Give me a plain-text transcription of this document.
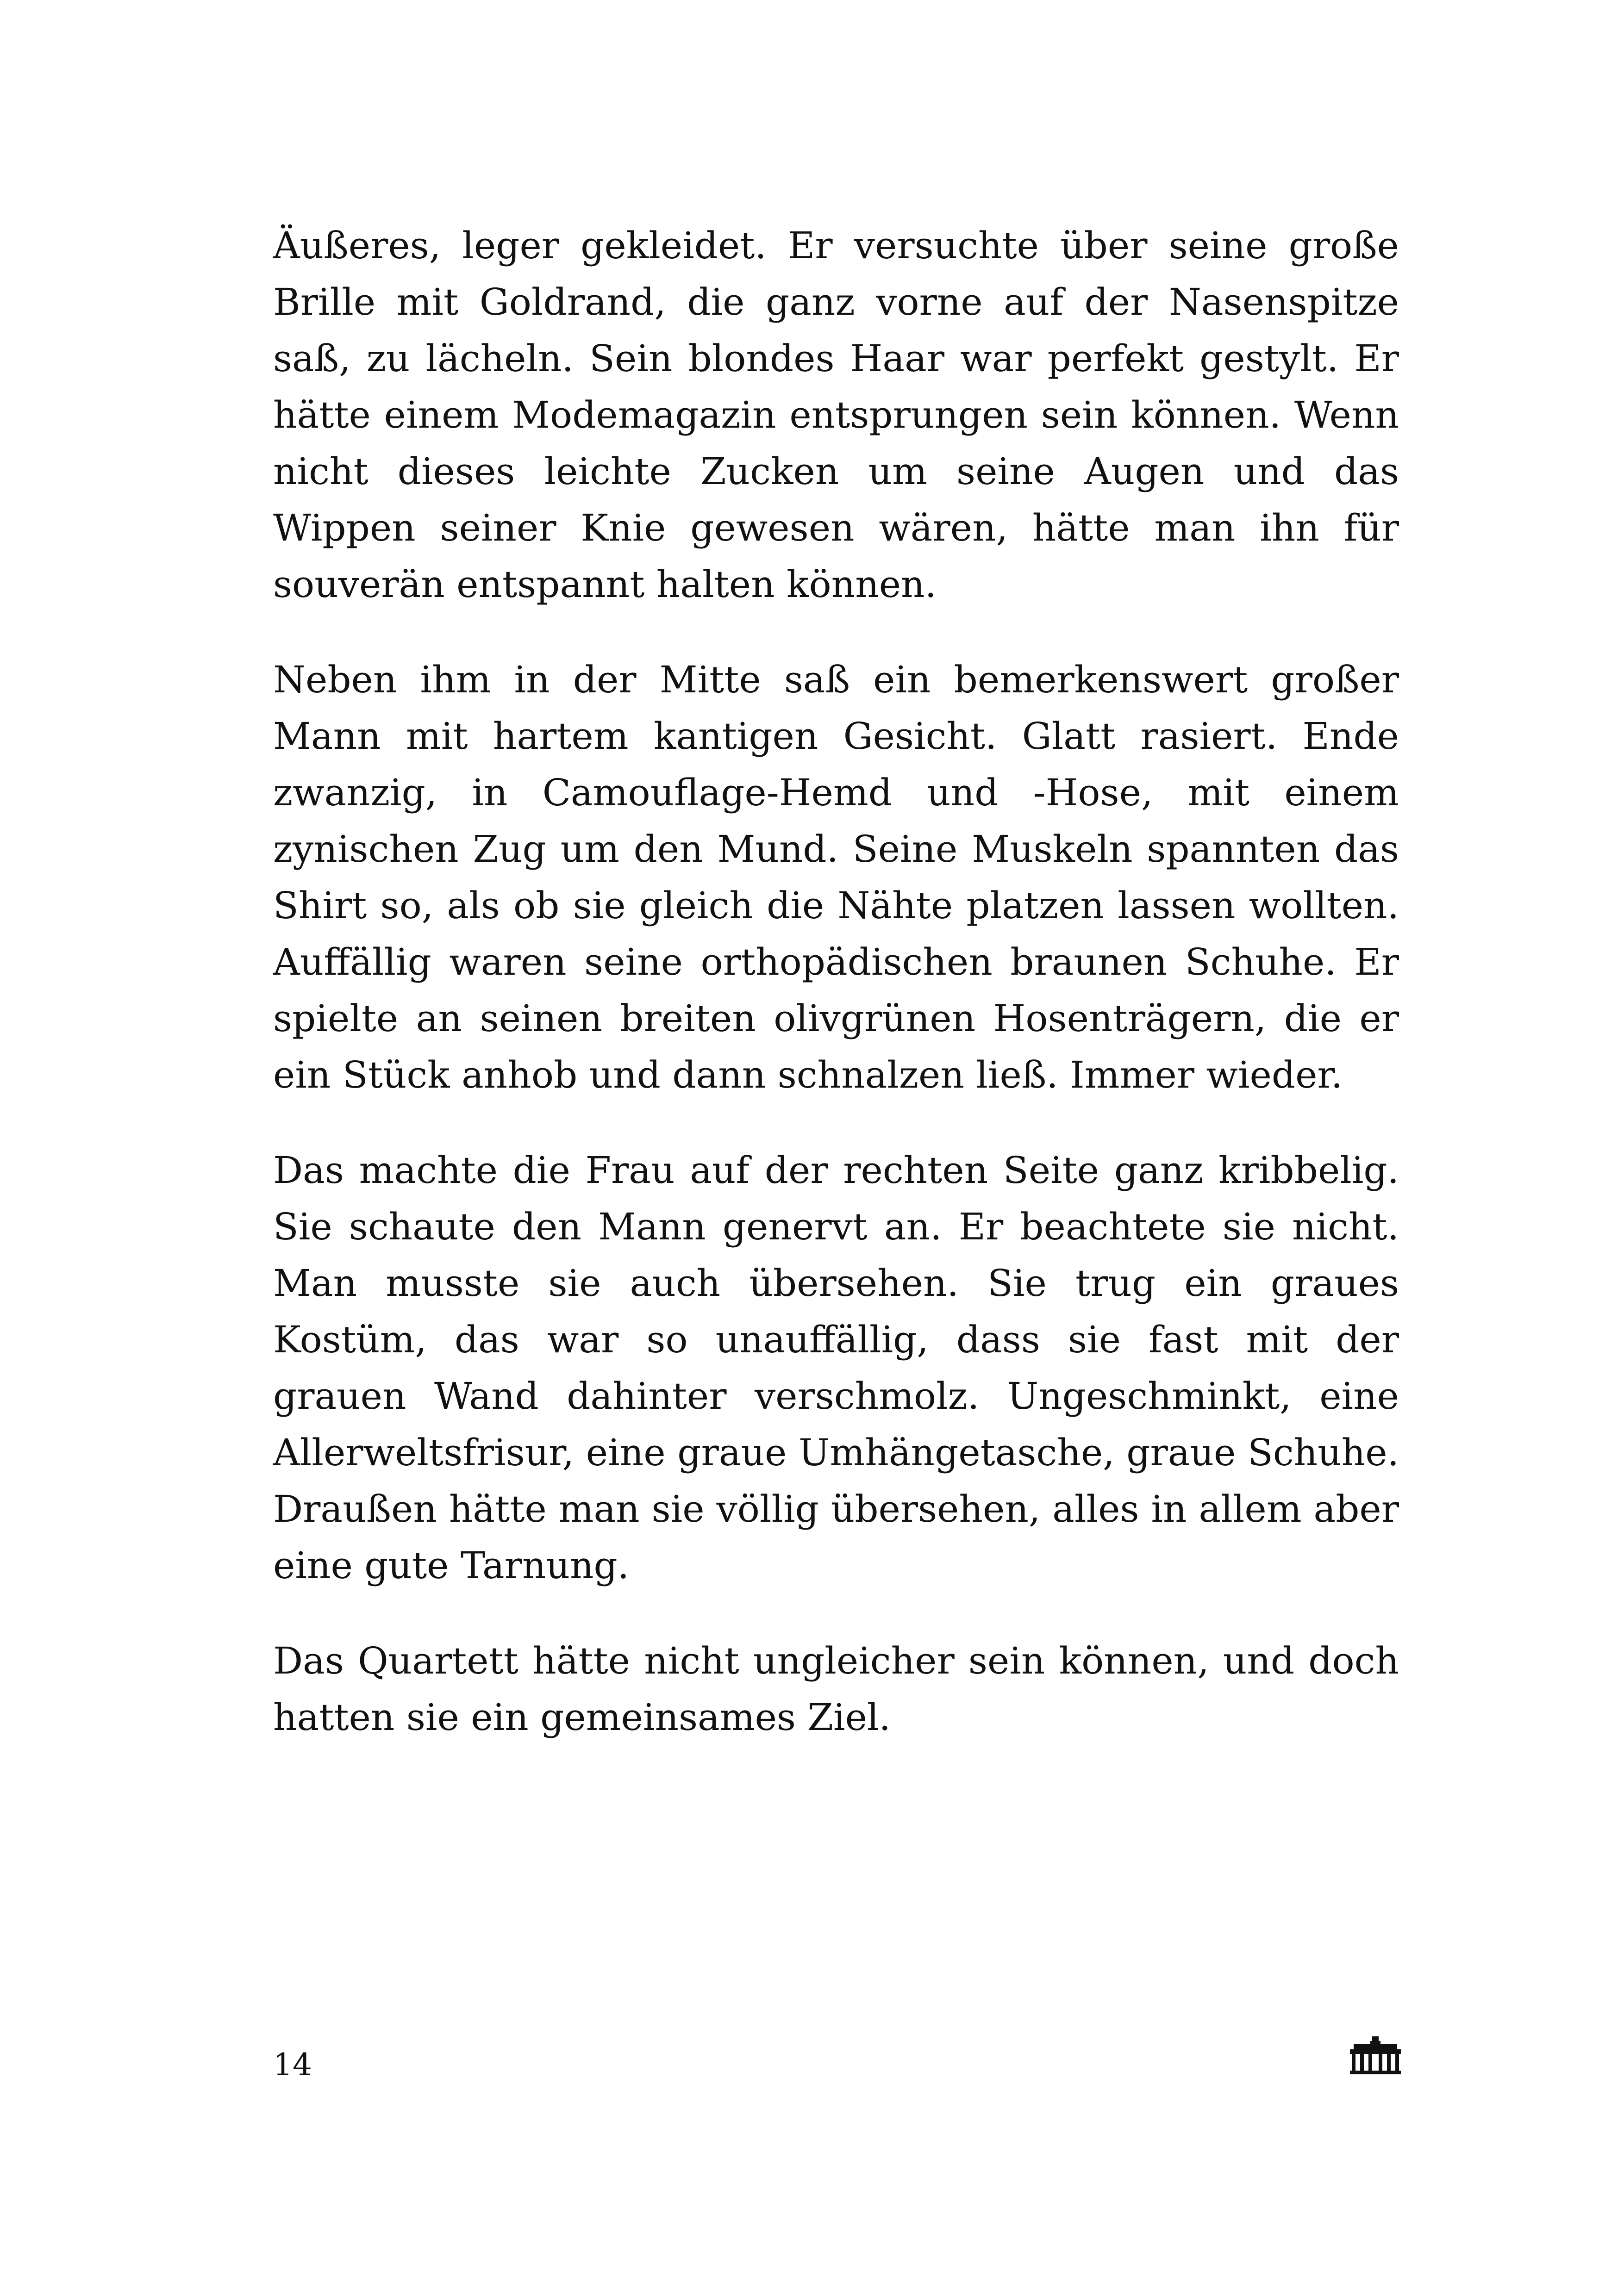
Äußeres, leger gekleidet. Er versuchte über seine große Brille mit Goldrand, die ganz vorne auf der Nasenspitze saß, zu lächeln. Sein blondes Haar war perfekt gestylt. Er hätte einem Modemagazin entsprungen sein können. Wenn nicht dieses leichte Zucken um seine Augen und das Wippen seiner Knie gewesen wären, hätte man ihn für souverän entspannt halten können.

Neben ihm in der Mitte saß ein bemerkenswert großer Mann mit hartem kantigen Gesicht. Glatt rasiert. Ende zwanzig, in Camouflage-Hemd und -Hose, mit einem zynischen Zug um den Mund. Seine Muskeln spannten das Shirt so, als ob sie gleich die Nähte platzen lassen wollten. Auffällig waren seine orthopädischen braunen Schuhe. Er spielte an seinen breiten olivgrünen Hosenträgern, die er ein Stück anhob und dann schnalzen ließ. Immer wieder.

Das machte die Frau auf der rechten Seite ganz kribbelig. Sie schaute den Mann genervt an. Er beachtete sie nicht. Man musste sie auch übersehen. Sie trug ein graues Kostüm, das war so unauffällig, dass sie fast mit der grauen Wand dahinter verschmolz. Ungeschminkt, eine Allerweltsfrisur, eine graue Umhängetasche, graue Schuhe. Draußen hätte man sie völlig übersehen, alles in allem aber eine gute Tarnung.

Das Quartett hätte nicht ungleicher sein können, und doch hatten sie ein gemeinsames Ziel.

14
